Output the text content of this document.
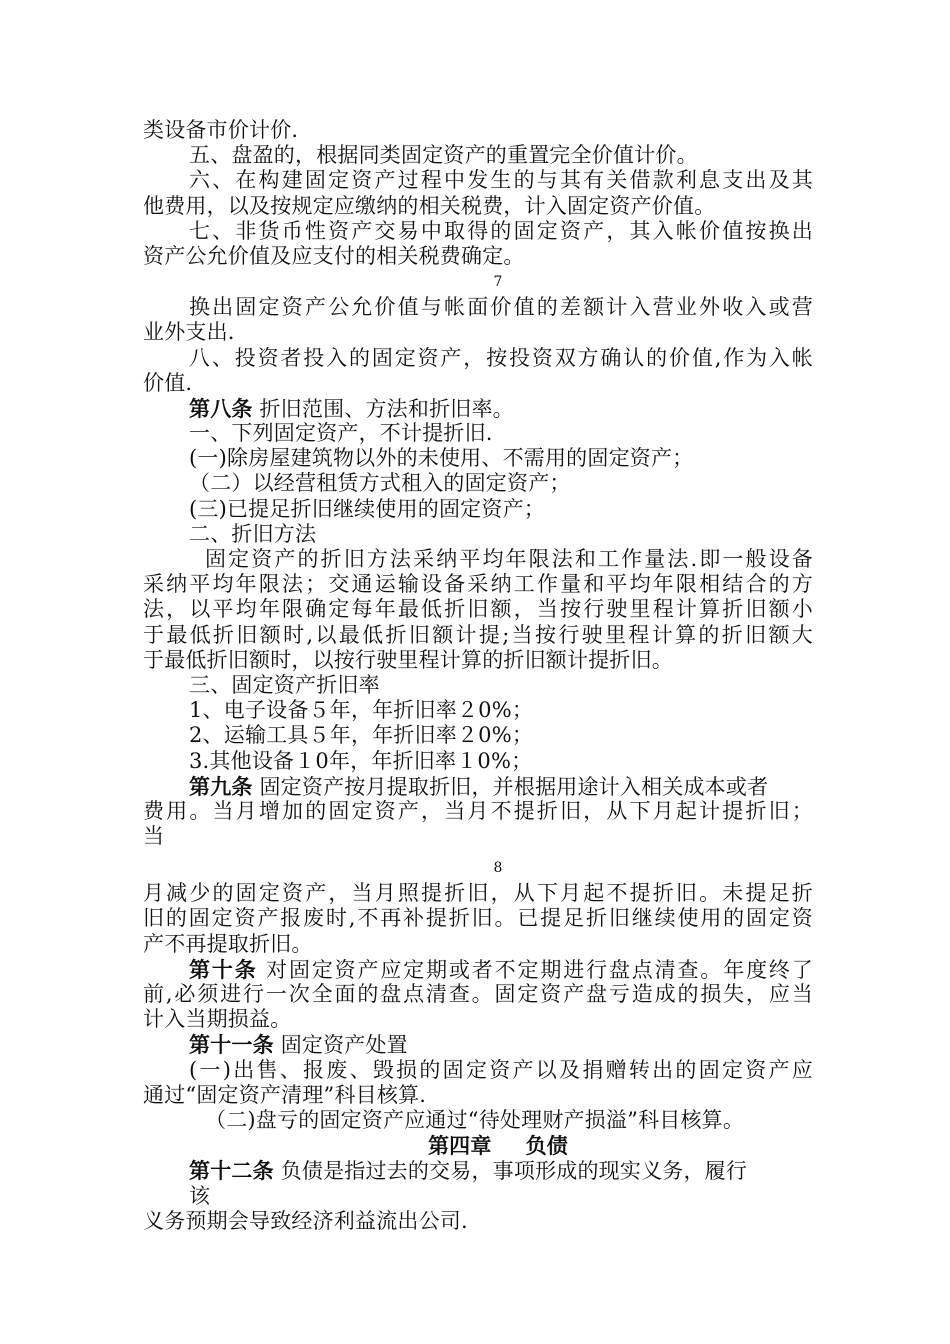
类设备市价计价.
五、盘盈的，根据同类固定资产的重置完全价值计价。
六、在构建固定资产过程中发生的与其有关借款利息支出及其
他费用，以及按规定应缴纳的相关税费，计入固定资产价值。
七、非货币性资产交易中取得的固定资产，其入帐价值按换出
资产公允价值及应支付的相关税费确定。
7
换出固定资产公允价值与帐面价值的差额计入营业外收入或营
业外支出.
八、投资者投入的固定资产，按投资双方确认的价值,作为入帐
价值.
第八条 折旧范围、方法和折旧率。
一、下列固定资产，不计提折旧.
(一)除房屋建筑物以外的未使用、不需用的固定资产；
（二）以经营租赁方式租入的固定资产；
(三)已提足折旧继续使用的固定资产；
二、折旧方法
固定资产的折旧方法采纳平均年限法和工作量法.即一般设备
采纳平均年限法；交通运输设备采纳工作量和平均年限相结合的方
法，以平均年限确定每年最低折旧额，当按行驶里程计算折旧额小
于最低折旧额时,以最低折旧额计提;当按行驶里程计算的折旧额大
于最低折旧额时，以按行驶里程计算的折旧额计提折旧。
三、固定资产折旧率
1、电子设备５年，年折旧率２0%；
2、运输工具５年，年折旧率２0%；
3.其他设备１0年，年折旧率１0%；
第九条 固定资产按月提取折旧，并根据用途计入相关成本或者
费用。当月增加的固定资产，当月不提折旧，从下月起计提折旧；
当
8
月减少的固定资产，当月照提折旧，从下月起不提折旧。未提足折
旧的固定资产报废时,不再补提折旧。已提足折旧继续使用的固定资
产不再提取折旧。
第十条 对固定资产应定期或者不定期进行盘点清查。年度终了
前,必须进行一次全面的盘点清查。固定资产盘亏造成的损失，应当
计入当期损益。
第十一条 固定资产处置
(一)出售、报废、毁损的固定资产以及捐赠转出的固定资产应
通过“固定资产清理”科目核算.
（二)盘亏的固定资产应通过“待处理财产损溢”科目核算。
第四章 负债
第十二条 负债是指过去的交易，事项形成的现实义务，履行
该
义务预期会导致经济利益流出公司.
